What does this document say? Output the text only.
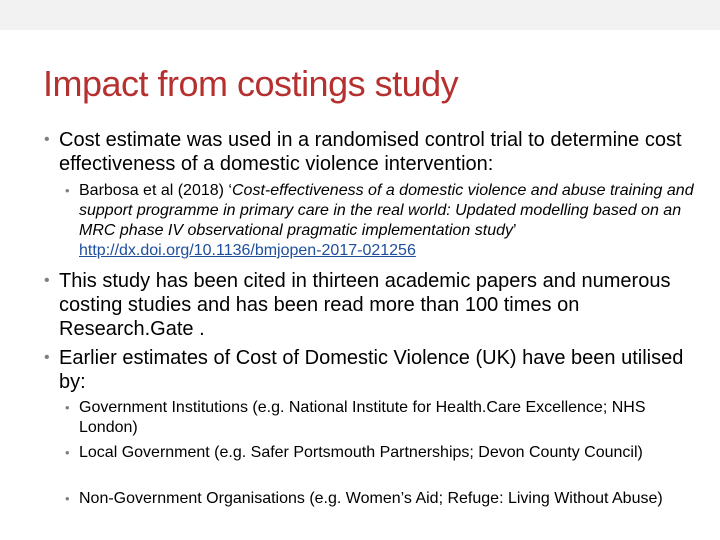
Impact from costings study
• Cost estimate was used in a randomised control trial to determine cost effectiveness of a domestic violence intervention:
• Barbosa et al (2018) ‘Cost-effectiveness of a domestic violence and abuse training and support programme in primary care in the real world: Updated modelling based on an MRC phase IV observational pragmatic implementation study’ http://dx.doi.org/10.1136/bmjopen-2017-021256
• This study has been cited in thirteen academic papers and numerous costing studies and has been read more than 100 times on Research.Gate .
• Earlier estimates of Cost of Domestic Violence (UK) have been utilised by:
• Government Institutions (e.g. National Institute for Health.Care Excellence; NHS London)
• Local Government (e.g. Safer Portsmouth Partnerships; Devon County Council)
• Non-Government Organisations (e.g. Women’s Aid; Refuge: Living Without Abuse)
